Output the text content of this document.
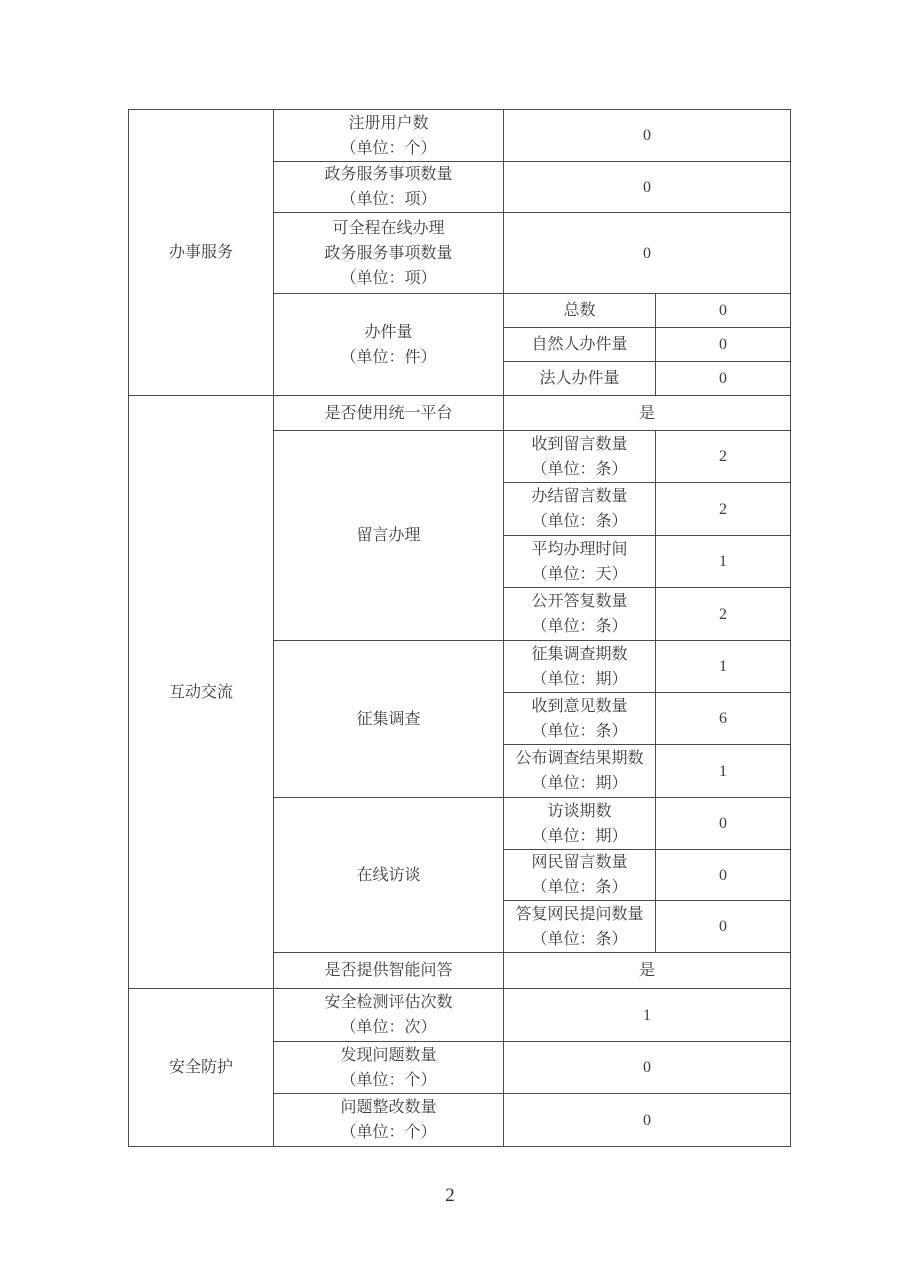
办事服务	注册用户数
（单位：个）	0	

	政务服务事项数量
（单位：项）	0	

	可全程在线办理
政务服务事项数量
（单位：项）	0	

	办件量
（单位：件）	总数	0

		自然人办件量	0

		法人办件量	0

互动交流	是否使用统一平台	是	

	留言办理	收到留言数量
（单位：条）	2

		办结留言数量
（单位：条）	2

		平均办理时间
（单位：天）	1

		公开答复数量
（单位：条）	2

	征集调查	征集调查期数
（单位：期）	1

		收到意见数量
（单位：条）	6

		公布调查结果期数
（单位：期）	1

	在线访谈	访谈期数
（单位：期）	0

		网民留言数量
（单位：条）	0

		答复网民提问数量
（单位：条）	0

	是否提供智能问答	是	

安全防护	安全检测评估次数
（单位：次）	1	

	发现问题数量
（单位：个）	0	

	问题整改数量
（单位：个）	0	
2
